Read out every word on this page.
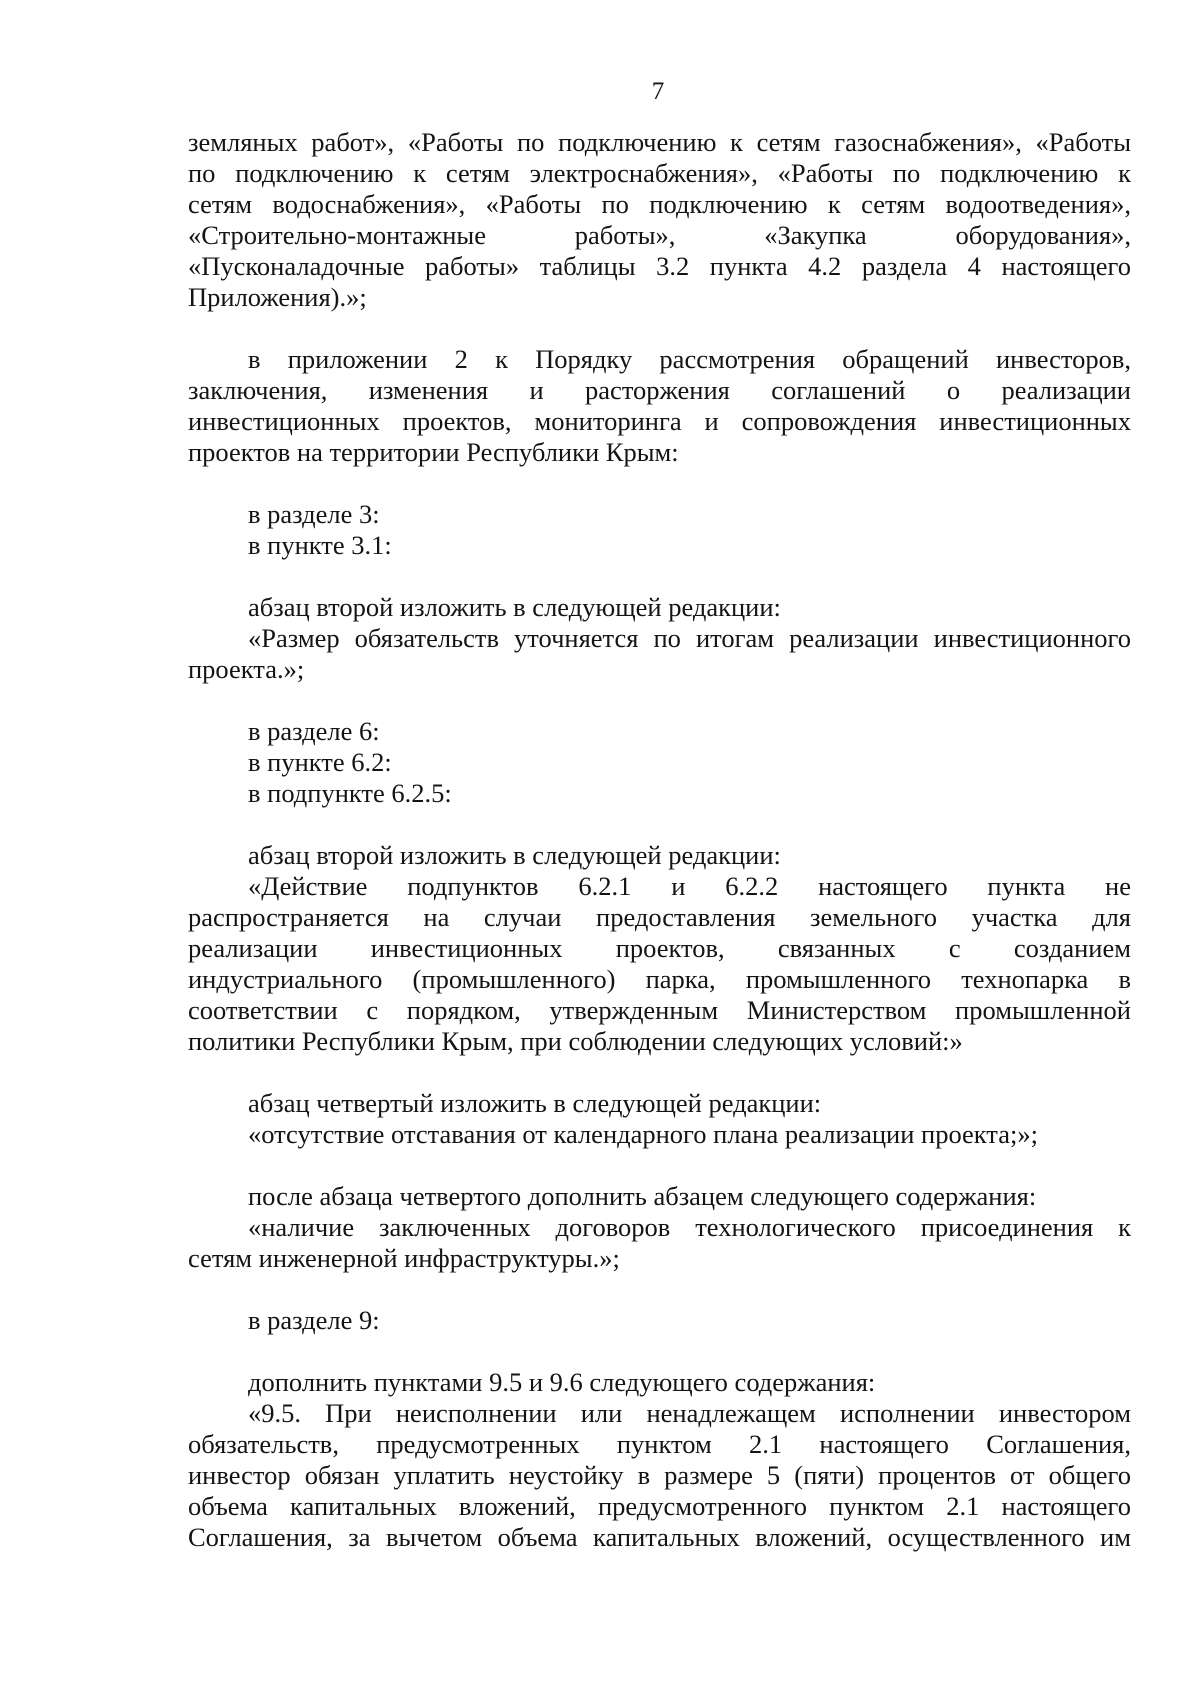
7

земляных работ», «Работы по подключению к сетям газоснабжения», «Работы

по подключению к сетям электроснабжения», «Работы по подключению к

сетям водоснабжения», «Работы по подключению к сетям водоотведения»,

«Строительно-монтажные работы», «Закупка оборудования»,

«Пусконаладочные работы» таблицы 3.2 пункта 4.2 раздела 4 настоящего

Приложения).»;

в приложении 2 к Порядку рассмотрения обращений инвесторов,

заключения, изменения и расторжения соглашений о реализации

инвестиционных проектов, мониторинга и сопровождения инвестиционных

проектов на территории Республики Крым:

в разделе 3:

в пункте 3.1:

абзац второй изложить в следующей редакции:

«Размер обязательств уточняется по итогам реализации инвестиционного

проекта.»;

в разделе 6:

в пункте 6.2:

в подпункте 6.2.5:

абзац второй изложить в следующей редакции:

«Действие подпунктов 6.2.1 и 6.2.2 настоящего пункта не

распространяется на случаи предоставления земельного участка для

реализации инвестиционных проектов, связанных с созданием

индустриального (промышленного) парка, промышленного технопарка в

соответствии с порядком, утвержденным Министерством промышленной

политики Республики Крым, при соблюдении следующих условий:»

абзац четвертый изложить в следующей редакции:

«отсутствие отставания от календарного плана реализации проекта;»;

после абзаца четвертого дополнить абзацем следующего содержания:

«наличие заключенных договоров технологического присоединения к

сетям инженерной инфраструктуры.»;

в разделе 9:

дополнить пунктами 9.5 и 9.6 следующего содержания:

«9.5. При неисполнении или ненадлежащем исполнении инвестором

обязательств, предусмотренных пунктом 2.1 настоящего Соглашения,

инвестор обязан уплатить неустойку в размере 5 (пяти) процентов от общего

объема капитальных вложений, предусмотренного пунктом 2.1 настоящего

Соглашения, за вычетом объема капитальных вложений, осуществленного им
